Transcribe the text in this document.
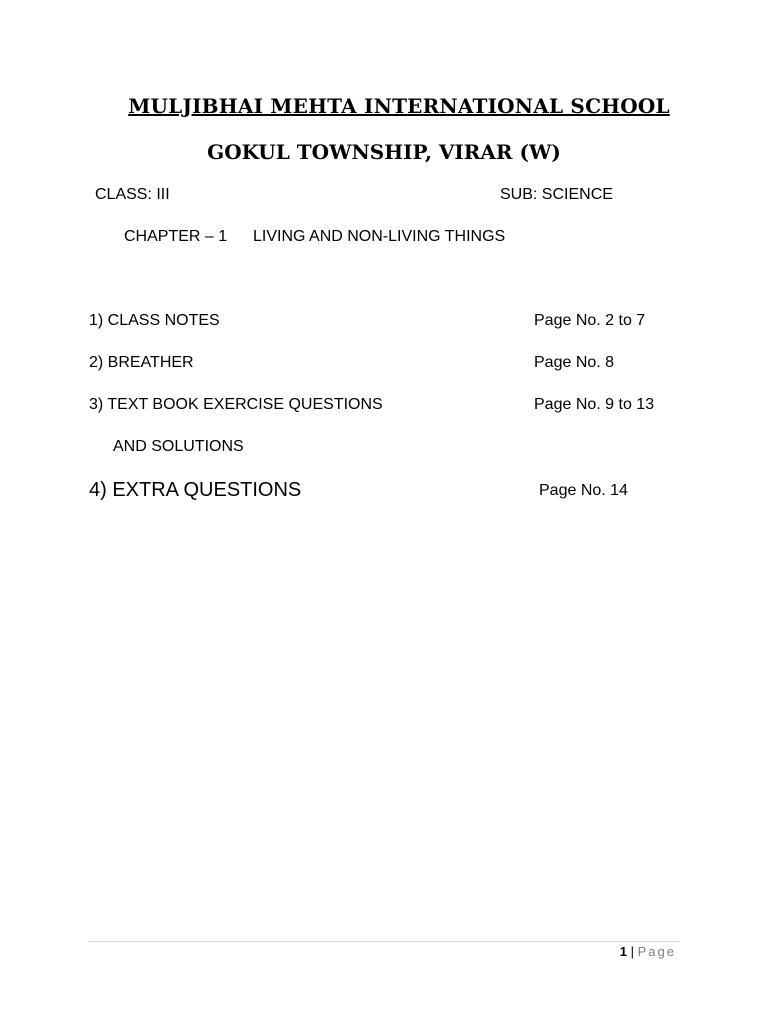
MULJIBHAI MEHTA INTERNATIONAL SCHOOL
GOKUL TOWNSHIP, VIRAR (W)
CLASS: III	SUB: SCIENCE
CHAPTER – 1 LIVING AND NON-LIVING THINGS
1) CLASS NOTES	Page No. 2 to 7
2) BREATHER	Page No. 8
3) TEXT BOOK EXERCISE QUESTIONS	Page No. 9 to 13
AND SOLUTIONS
4) EXTRA QUESTIONS	Page No. 14
1 | Page
